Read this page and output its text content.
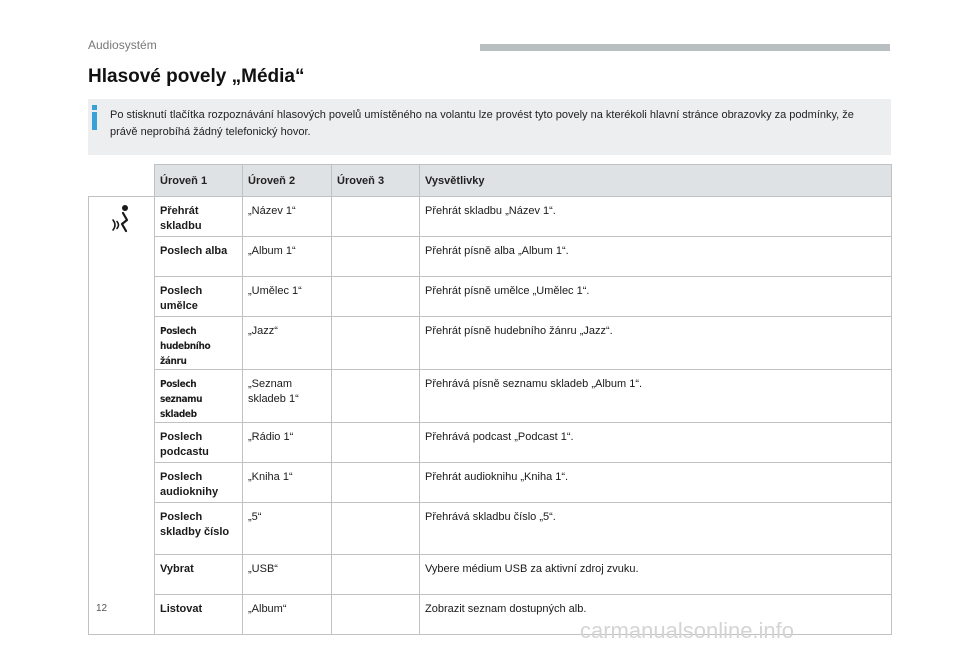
Audiosystém
Hlasové povely „Média“
Po stisknutí tlačítka rozpoznávání hlasových povelů umístěného na volantu lze provést tyto povely na kterékoli hlavní stránce obrazovky za podmínky, že právě neprobíhá žádný telefonický hovor.
	Úroveň 1	Úroveň 2	Úroveň 3	Vysvětlivky

	Přehrát skladbu	„Název 1“		Přehrát skladbu „Název 1“.
	Poslech alba	„Album 1“		Přehrát písně alba „Album 1“.
	Poslech umělce	„Umělec 1“		Přehrát písně umělce „Umělec 1“.
	Poslech hudebního žánru	„Jazz“		Přehrát písně hudebního žánru „Jazz“.
	Poslech seznamu skladeb	„Seznam skladeb 1“		Přehrává písně seznamu skladeb „Album 1“.
	Poslech podcastu	„Rádio 1“		Přehrává podcast „Podcast 1“.
	Poslech audioknihy	„Kniha 1“		Přehrát audioknihu „Kniha 1“.
	Poslech skladby číslo	„5“		Přehrává skladbu číslo „5“.
	Vybrat	„USB“		Vybere médium USB za aktivní zdroj zvuku.
	Listovat	„Album“		Zobrazit seznam dostupných alb.
12
carmanualsonline.info
